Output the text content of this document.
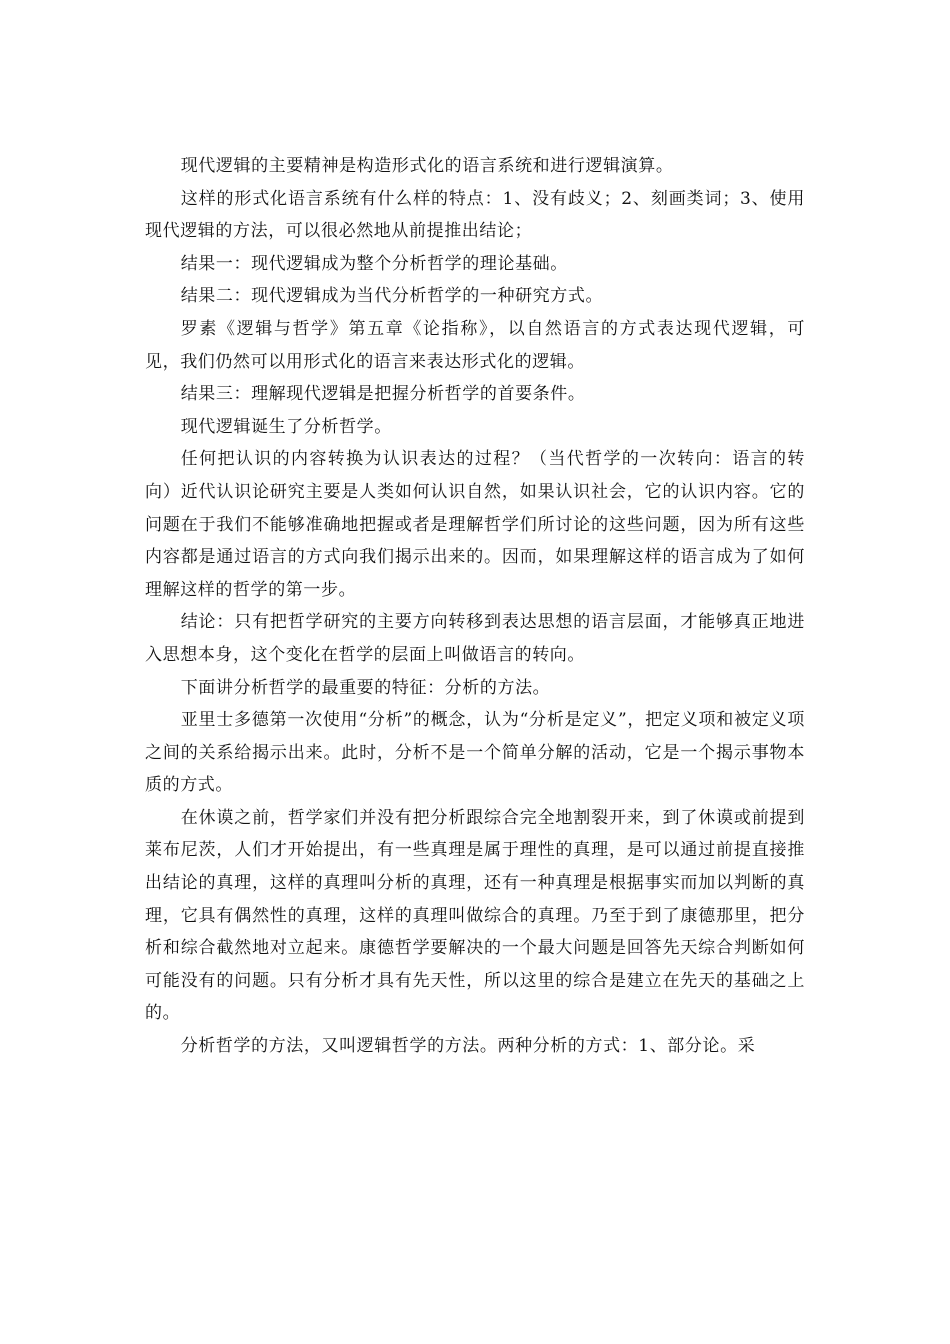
现代逻辑的主要精神是构造形式化的语言系统和进行逻辑演算。

这样的形式化语言系统有什么样的特点：1、没有歧义；2、刻画类词；3、使用现代逻辑的方法，可以很必然地从前提推出结论；

结果一：现代逻辑成为整个分析哲学的理论基础。

结果二：现代逻辑成为当代分析哲学的一种研究方式。

罗素《逻辑与哲学》第五章《论指称》，以自然语言的方式表达现代逻辑，可见，我们仍然可以用形式化的语言来表达形式化的逻辑。

结果三：理解现代逻辑是把握分析哲学的首要条件。

现代逻辑诞生了分析哲学。

任何把认识的内容转换为认识表达的过程？（当代哲学的一次转向：语言的转向）近代认识论研究主要是人类如何认识自然，如果认识社会，它的认识内容。它的问题在于我们不能够准确地把握或者是理解哲学们所讨论的这些问题，因为所有这些内容都是通过语言的方式向我们揭示出来的。因而，如果理解这样的语言成为了如何理解这样的哲学的第一步。

结论：只有把哲学研究的主要方向转移到表达思想的语言层面，才能够真正地进入思想本身，这个变化在哲学的层面上叫做语言的转向。

下面讲分析哲学的最重要的特征：分析的方法。

亚里士多德第一次使用“分析”的概念，认为“分析是定义”，把定义项和被定义项之间的关系给揭示出来。此时，分析不是一个简单分解的活动，它是一个揭示事物本质的方式。

在休谟之前，哲学家们并没有把分析跟综合完全地割裂开来，到了休谟或前提到莱布尼茨，人们才开始提出，有一些真理是属于理性的真理，是可以通过前提直接推出结论的真理，这样的真理叫分析的真理，还有一种真理是根据事实而加以判断的真理，它具有偶然性的真理，这样的真理叫做综合的真理。乃至于到了康德那里，把分析和综合截然地对立起来。康德哲学要解决的一个最大问题是回答先天综合判断如何可能没有的问题。只有分析才具有先天性，所以这里的综合是建立在先天的基础之上的。

分析哲学的方法，又叫逻辑哲学的方法。两种分析的方式：1、部分论。采
